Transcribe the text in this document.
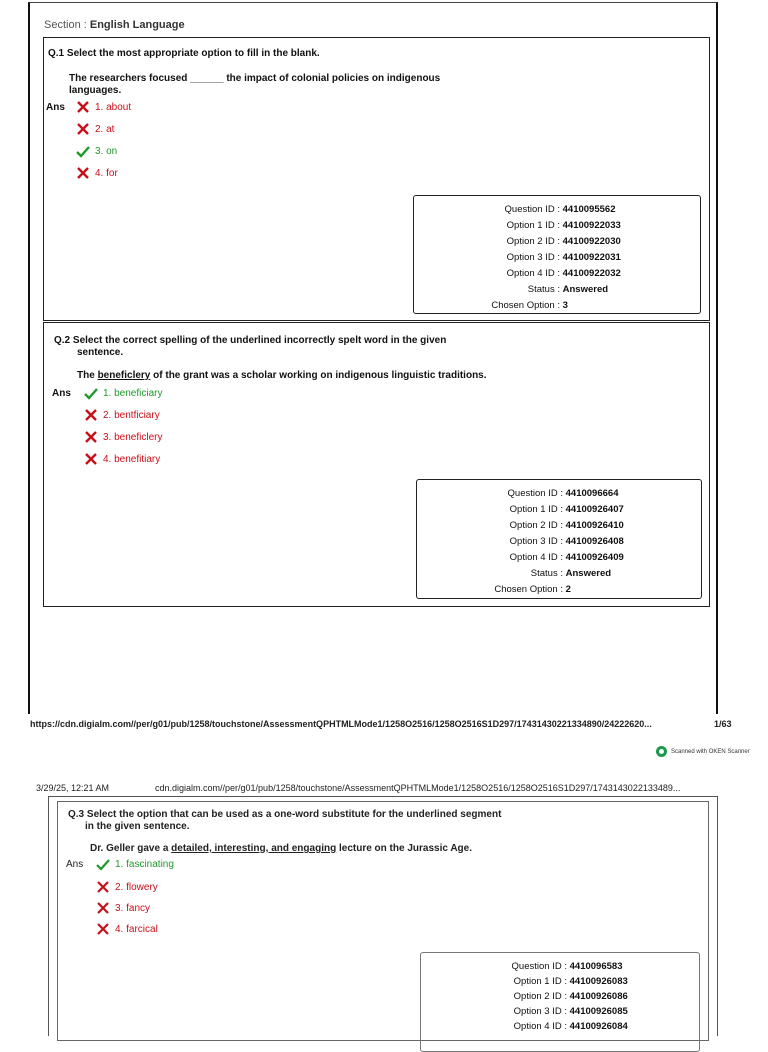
Section : English Language
Q.1 Select the most appropriate option to fill in the blank.
The researchers focused ______ the impact of colonial policies on indigenous
languages.
Ans	1. about
2. at
3. on
4. for
Question ID : 4410095562
Option 1 ID : 44100922033
Option 2 ID : 44100922030
Option 3 ID : 44100922031
Option 4 ID : 44100922032
Status : Answered
Chosen Option : 3
Q.2 Select the correct spelling of the underlined incorrectly spelt word in the given
sentence.
The beneficlery of the grant was a scholar working on indigenous linguistic traditions.
Ans	1. beneficiary
2. bentficiary
3. beneficlery
4. benefitiary
Question ID : 4410096664
Option 1 ID : 44100926407
Option 2 ID : 44100926410
Option 3 ID : 44100926408
Option 4 ID : 44100926409
Status : Answered
Chosen Option : 2
https://cdn.digialm.com//per/g01/pub/1258/touchstone/AssessmentQPHTMLMode1/1258O2516/1258O2516S1D297/17431430221334890/24222620...	1/63
Scanned with OKEN Scanner
3/29/25, 12:21 AM	cdn.digialm.com//per/g01/pub/1258/touchstone/AssessmentQPHTMLMode1/1258O2516/1258O2516S1D297/1743143022133489...
Q.3 Select the option that can be used as a one-word substitute for the underlined segment
in the given sentence.
Dr. Geller gave a detailed, interesting, and engaging lecture on the Jurassic Age.
Ans	1. fascinating
2. flowery
3. fancy
4. farcical
Question ID : 4410096583
Option 1 ID : 44100926083
Option 2 ID : 44100926086
Option 3 ID : 44100926085
Option 4 ID : 44100926084
